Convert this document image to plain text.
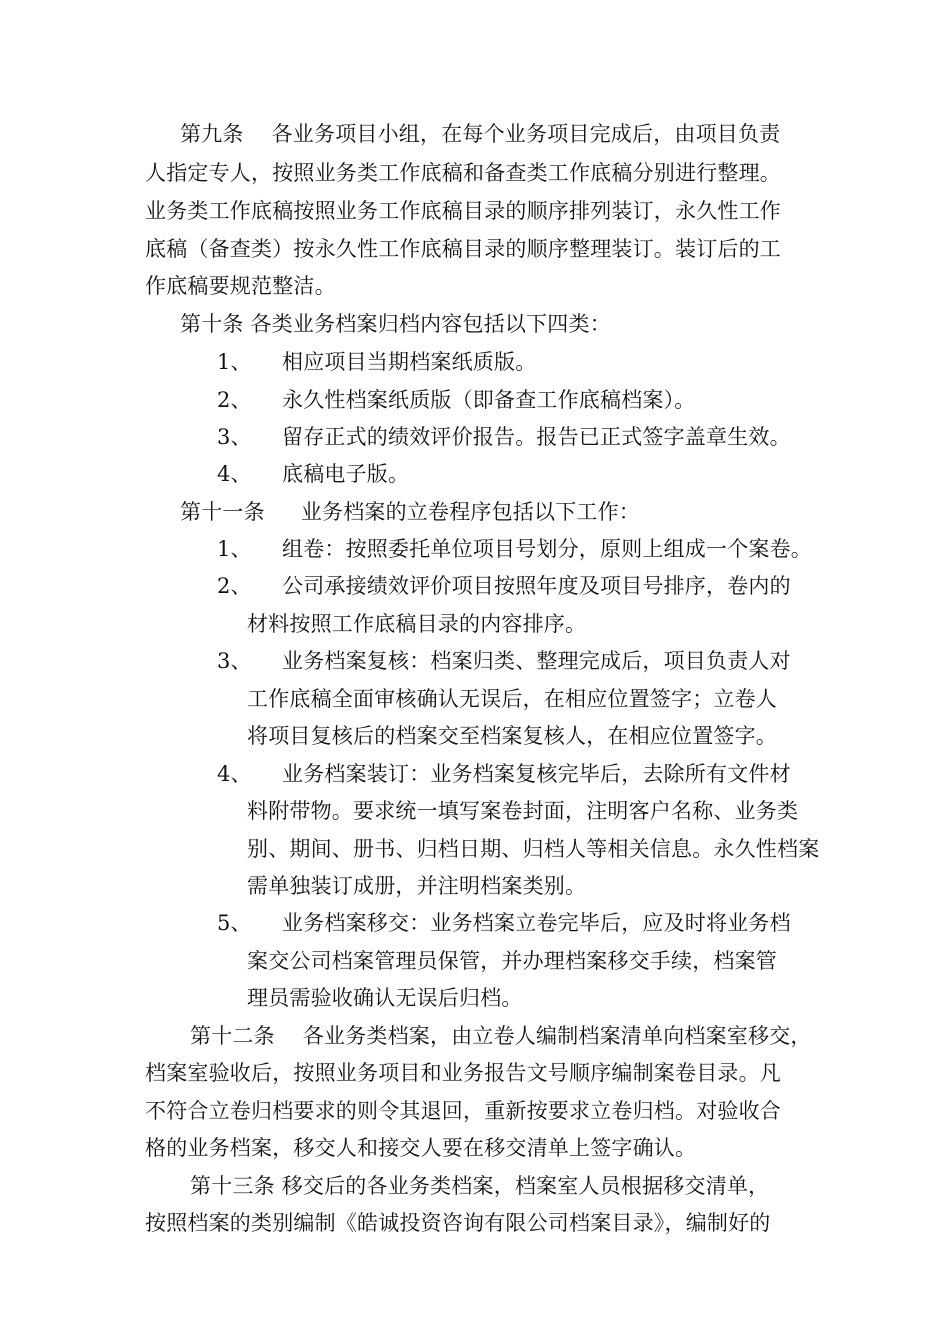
第九条 各业务项目小组，在每个业务项目完成后，由项目负责
人指定专人，按照业务类工作底稿和备查类工作底稿分别进行整理。
业务类工作底稿按照业务工作底稿目录的顺序排列装订，永久性工作
底稿（备查类）按永久性工作底稿目录的顺序整理装订。装订后的工
作底稿要规范整洁。
第十条 各类业务档案归档内容包括以下四类：
1、 相应项目当期档案纸质版。
2、 永久性档案纸质版（即备查工作底稿档案）。
3、 留存正式的绩效评价报告。报告已正式签字盖章生效。
4、 底稿电子版。
第十一条 业务档案的立卷程序包括以下工作：
1、 组卷：按照委托单位项目号划分，原则上组成一个案卷。
2、 公司承接绩效评价项目按照年度及项目号排序，卷内的
材料按照工作底稿目录的内容排序。
3、 业务档案复核：档案归类、整理完成后，项目负责人对
工作底稿全面审核确认无误后，在相应位置签字；立卷人
将项目复核后的档案交至档案复核人，在相应位置签字。
4、 业务档案装订：业务档案复核完毕后，去除所有文件材
料附带物。要求统一填写案卷封面，注明客户名称、业务类
别、期间、册书、归档日期、归档人等相关信息。永久性档案
需单独装订成册，并注明档案类别。
5、 业务档案移交：业务档案立卷完毕后，应及时将业务档
案交公司档案管理员保管，并办理档案移交手续，档案管
理员需验收确认无误后归档。
第十二条 各业务类档案，由立卷人编制档案清单向档案室移交，
档案室验收后，按照业务项目和业务报告文号顺序编制案卷目录。凡
不符合立卷归档要求的则令其退回，重新按要求立卷归档。对验收合
格的业务档案，移交人和接交人要在移交清单上签字确认。
第十三条 移交后的各业务类档案，档案室人员根据移交清单，
按照档案的类别编制《皓诚投资咨询有限公司档案目录》，编制好的
